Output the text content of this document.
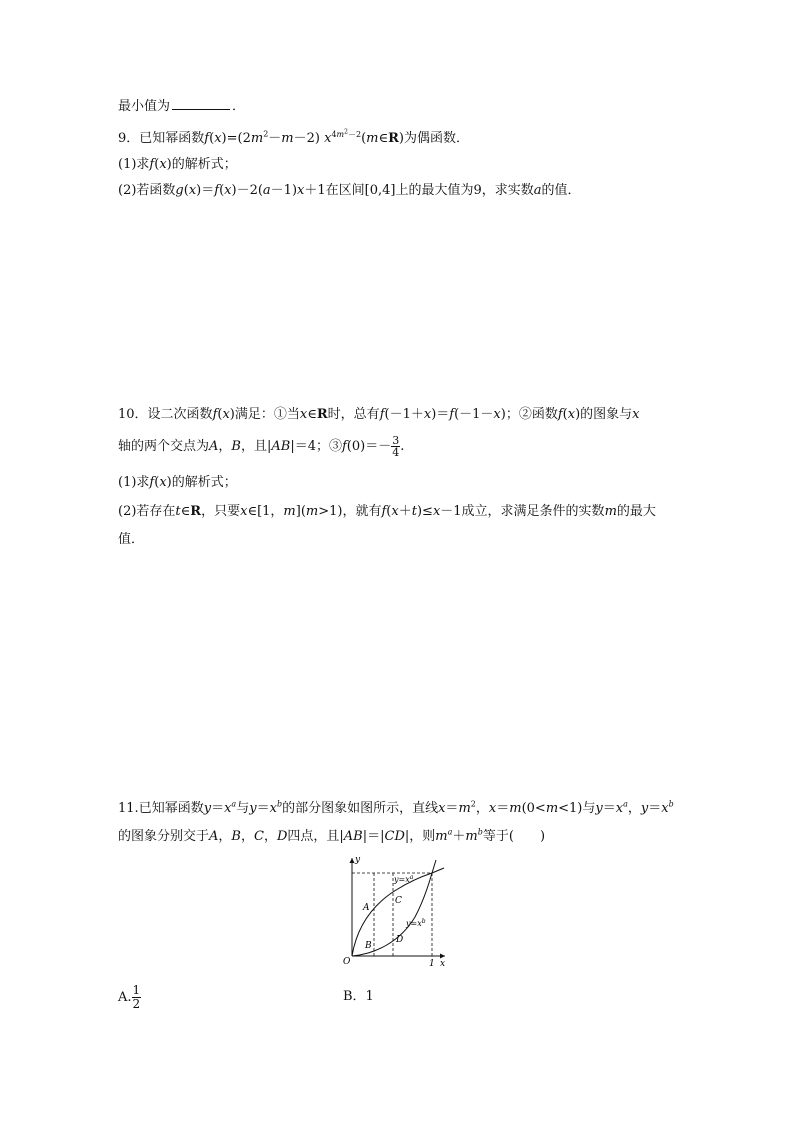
最小值为	．
9．已知幂函数$f(x)=(2m^2-m-2)$ $x^{4m^2-2}(m\in R)$为偶函数．
(1)求f(x)的解析式；
(2)若函数g(x)＝f(x)－2(a－1)x＋1在区间[0,4]上的最大值为9，求实数a的值．
10．设二次函数f(x)满足：①当x∈R时，总有f(－1＋x)＝f(－1－x)；②函数f(x)的图象与x
轴的两个交点为A，B，且|AB|＝4；③f(0)＝－ $\frac{3}{4}$ .
(1)求f(x)的解析式；
(2)若存在t∈R，只要x∈[1，m](m>1)，就有f(x＋t)≤x－1成立，求满足条件的实数m的最大
值．
11.已知幂函数$y=x^a$与$y=x^b$的部分图象如图所示，直线$x=m^2$，x＝m(0<m<1)与$y=x^a$，$y=x^b$
的图象分别交于A，B，C，D四点，且|AB|＝|CD|，则$m^a+m^b$等于( )
y
x
O	1
$y=x^a$
$y=x^b$
A
B
C
D
A. $\frac{1}{2}$	B．1
